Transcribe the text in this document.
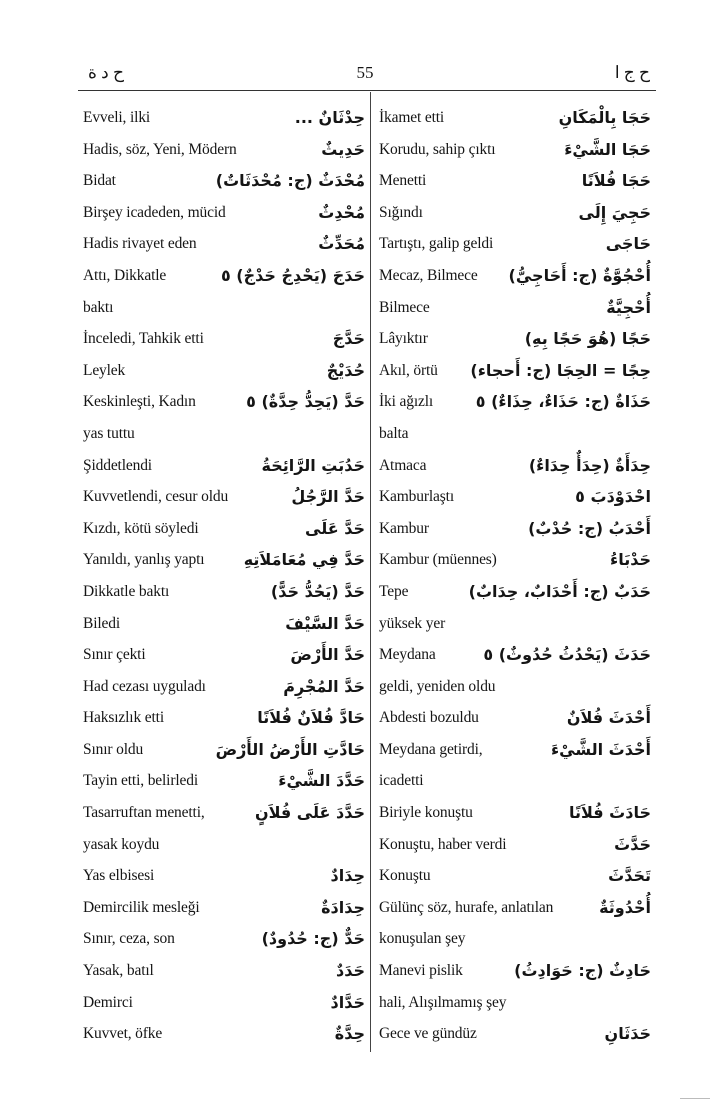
ح د ة	55	ح ج ا
Evveli, ilki	حِدْثَانٌ ...
Hadis, söz, Yeni, Mödern	حَدِيثٌ
Bidat	مُحْدَثٌ (ج: مُحْدَثَاتٌ)
Birşey icadeden, mücid	مُحْدِثٌ
Hadis rivayet eden	مُحَدِّثٌ
Attı, Dikkatle	حَدَجَ (يَحْدِجُ حَدْجٌ) ٥
baktı
İnceledi, Tahkik etti	حَدَّجَ
Leylek	حُدَيْجٌ
Keskinleşti, Kadın	حَدَّ (يَحِدُّ حِدَّةٌ) ٥
yas tuttu
Şiddetlendi	حَدُبَتِ الرَّائِحَةُ
Kuvvetlendi, cesur oldu	حَدَّ الرَّجُلُ
Kızdı, kötü söyledi	حَدَّ عَلَى
Yanıldı, yanlış yaptı حَدَّ فِي مُعَامَلاَتِهِ
Dikkatle baktı	حَدَّ (يَحُدُّ حَدًّ)
Biledi	حَدَّ السَّيْفَ
Sınır çekti	حَدَّ الأَرْضَ
Had cezası uyguladı	حَدَّ المُجْرِمَ
Haksızlık etti	حَادَّ فُلاَنٌ فُلاَنًا
Sınır oldu	حَادَّتِ الأَرْضُ الأَرْضَ
Tayin etti, belirledi	حَدَّدَ الشَّيْءَ
Tasarruftan menetti,	حَدَّدَ عَلَى فُلاَنٍ
yasak koydu
Yas elbisesi	حِدَادٌ
Demircilik mesleği	حِدَادَةٌ
Sınır, ceza, son	حَدٌّ (ج: حُدُودٌ)
Yasak, batıl	حَدَدٌ
Demirci	حَدَّادٌ
Kuvvet, öfke	حِدَّةٌ
İkamet etti	حَجَا بِالْمَكَانِ
Korudu, sahip çıktı	حَجَا الشَّيْءَ
Menetti	حَجَا فُلاَنًا
Sığındı	حَجِيَ إِلَى
Tartıştı, galip geldi	حَاجَى
Mecaz, Bilmece أُحْجُوَّةٌ (ج: أَحَاجِيُّ)
Bilmece	أُحْجِيَّةٌ
Lâyıktır	حَجًا (هُوَ حَجًا بِهِ)
Akıl, örtü حِجًا = الحِجَا (ج: أَحجاء)
İki ağızlı	حَذَاةٌ (ج: حَذَاءٌ، حِذَاءٌ) ٥
balta
Atmaca	حِدَأَةٌ (حِدَأٌ حِدَاءٌ)
Kamburlaştı	احْدَوْدَبَ ٥
Kambur	أَحْدَبُ (ج: حُدْبٌ)
Kambur (müennes)	حَدْبَاءُ
Tepe	حَدَبٌ (ج: أَحْدَابٌ، حِدَابٌ)
yüksek yer
Meydana	حَدَثَ (يَحْدُثُ حُدُوثٌ) ٥
geldi, yeniden oldu
Abdesti bozuldu	أَحْدَثَ فُلاَنٌ
Meydana getirdi,	أَحْدَثَ الشَّيْءَ
icadetti
Biriyle konuştu	حَادَثَ فُلاَنًا
Konuştu, haber verdi	حَدَّثَ
Konuştu	تَحَدَّثَ
Gülünç söz, hurafe, anlatılan	أُحْدُوثَةٌ
konuşulan şey
Manevi pislik	حَادِثٌ (ج: حَوَادِثُ)
hali, Alışılmamış şey
Gece ve gündüz	حَدَثَانِ
